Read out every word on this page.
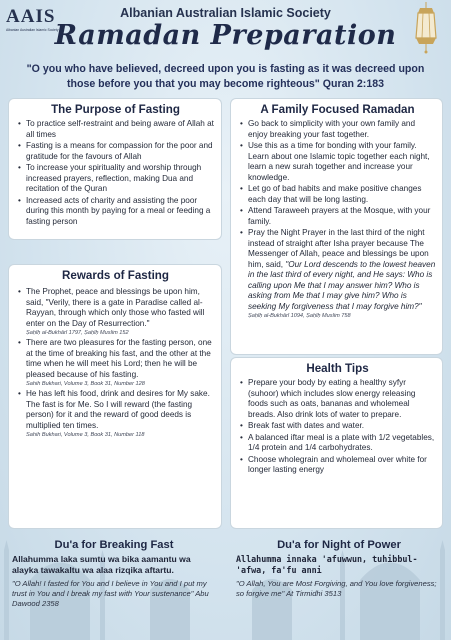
AAIS
Albanian Australian Islamic Society
Albanian Australian Islamic Society
Ramadan Preparation
"O you who have believed, decreed upon you is fasting as it was decreed upon those before you that you may become righteous" Quran 2:183
The Purpose of Fasting
• To practice self-restraint and being aware of Allah at all times
• Fasting is a means for compassion for the poor and gratitude for the favours of Allah
• To increase your spirituality and worship through increased prayers, reflection, making Dua and recitation of the Quran
• Increased acts of charity and assisting the poor during this month by paying for a meal or feeding a fasting person
Rewards of Fasting
• The Prophet, peace and blessings be upon him, said, "Verily, there is a gate in Paradise called al-Rayyan, through which only those who fasted will enter on the Day of Resurrection."
Ṣaḥīḥ al-Bukhārī 1797, Ṣaḥīḥ Muslim 152
• There are two pleasures for the fasting person, one at the time of breaking his fast, and the other at the time when he will meet his Lord; then he will be pleased because of his fasting.
Sahih Bukhari, Volume 3, Book 31, Number 128
• He has left his food, drink and desires for My sake. The fast is for Me. So I will reward (the fasting person) for it and the reward of good deeds is multiplied ten times.
Sahih Bukhari, Volume 3, Book 31, Number 118
A Family Focused Ramadan
• Go back to simplicity with your own family and enjoy breaking your fast together.
• Use this as a time for bonding with your family. Learn about one Islamic topic together each night, learn a new surah together and increase your knowledge.
• Let go of bad habits and make positive changes each day that will be long lasting.
• Attend Taraweeh prayers at the Mosque, with your family.
• Pray the Night Prayer in the last third of the night instead of straight after Isha prayer because The Messenger of Allah, peace and blessings be upon him, said, "Our Lord descends to the lowest heaven in the last third of every night, and He says: Who is calling upon Me that I may answer him? Who is asking from Me that I may give him? Who is seeking My forgiveness that I may forgive him?"
Ṣaḥīḥ al-Bukhārī 1094, Ṣaḥīḥ Muslim 758
Health Tips
• Prepare your body by eating a healthy syfyr (suhoor) which includes slow energy releasing foods such as oats, bananas and wholemeal breads. Also drink lots of water to prepare.
• Break fast with dates and water.
• A balanced iftar meal is a plate with 1/2 vegetables, 1/4 protein and 1/4 carbohydrates.
• Choose wholegrain and wholemeal over white for longer lasting energy
Du'a for Breaking Fast
Allahumma laka sumtu wa bika aamantu wa alayka tawakaltu wa alaa rizqika aftartu.
"O Allah! I fasted for You and I believe in You and I put my trust in You and I break my fast with Your sustenance" Abu Dawood 2358
Du'a for Night of Power
Allahumma innaka 'afuwwun, tuhibbul-'afwa, fa'fu anni
"O Allah, You are Most Forgiving, and You love forgiveness; so forgive me" At Tirmidhi 3513
